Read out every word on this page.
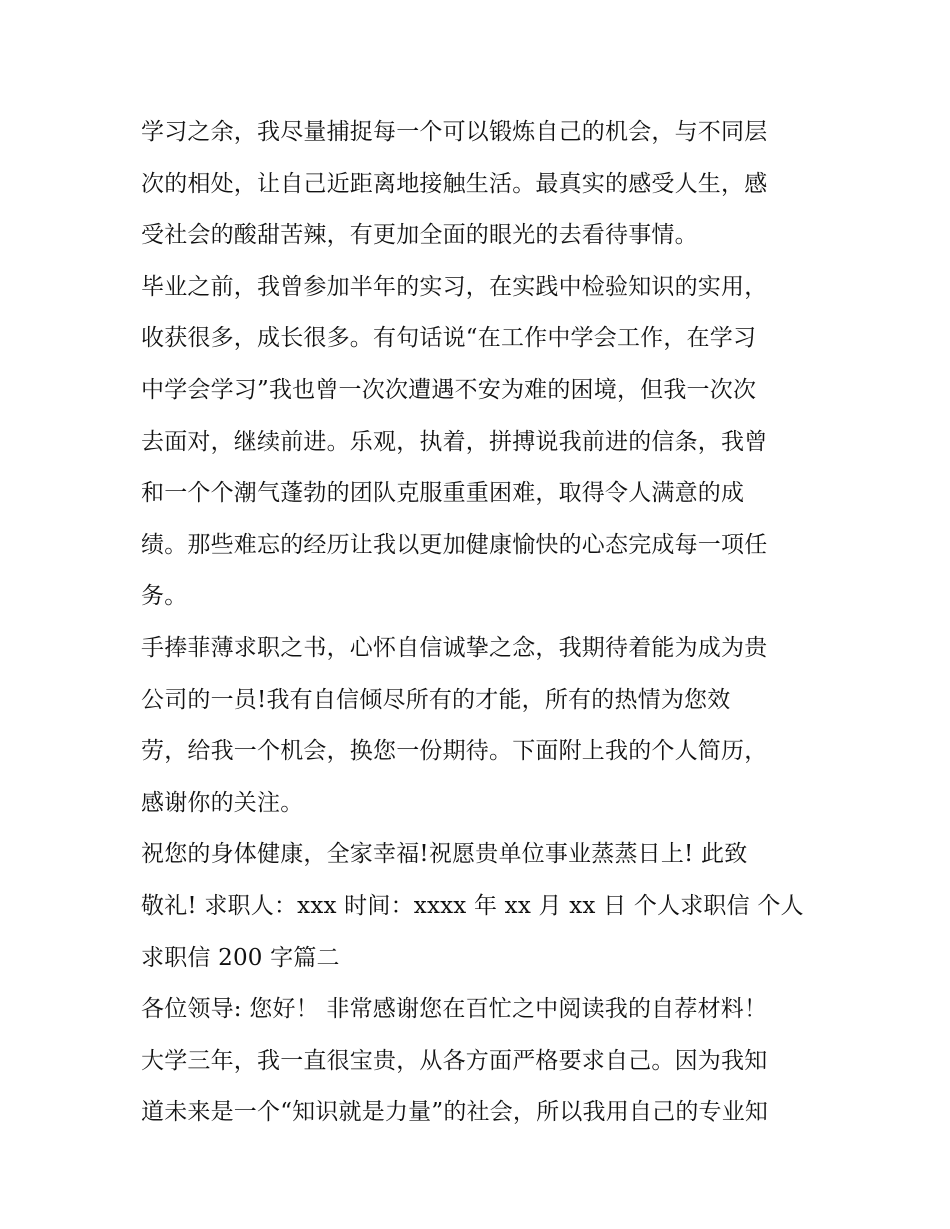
学习之余，我尽量捕捉每一个可以锻炼自己的机会，与不同层
次的相处，让自己近距离地接触生活。最真实的感受人生，感
受社会的酸甜苦辣，有更加全面的眼光的去看待事情。
毕业之前，我曾参加半年的实习，在实践中检验知识的实用，
收获很多，成长很多。有句话说“在工作中学会工作，在学习
中学会学习”我也曾一次次遭遇不安为难的困境，但我一次次
去面对，继续前进。乐观，执着，拼搏说我前进的信条，我曾
和一个个潮气蓬勃的团队克服重重困难，取得令人满意的成
绩。那些难忘的经历让我以更加健康愉快的心态完成每一项任
务。
手捧菲薄求职之书，心怀自信诚挚之念，我期待着能为成为贵
公司的一员!我有自信倾尽所有的才能，所有的热情为您效
劳，给我一个机会，换您一份期待。下面附上我的个人简历，
感谢你的关注。
祝您的身体健康，全家幸福!祝愿贵单位事业蒸蒸日上! 此致
敬礼! 求职人：xxx 时间：xxxx 年 xx 月 xx 日 个人求职信 个人
求职信 200 字篇二
各位领导: 您好！ 非常感谢您在百忙之中阅读我的自荐材料！
大学三年，我一直很宝贵，从各方面严格要求自己。因为我知
道未来是一个“知识就是力量”的社会，所以我用自己的专业知
